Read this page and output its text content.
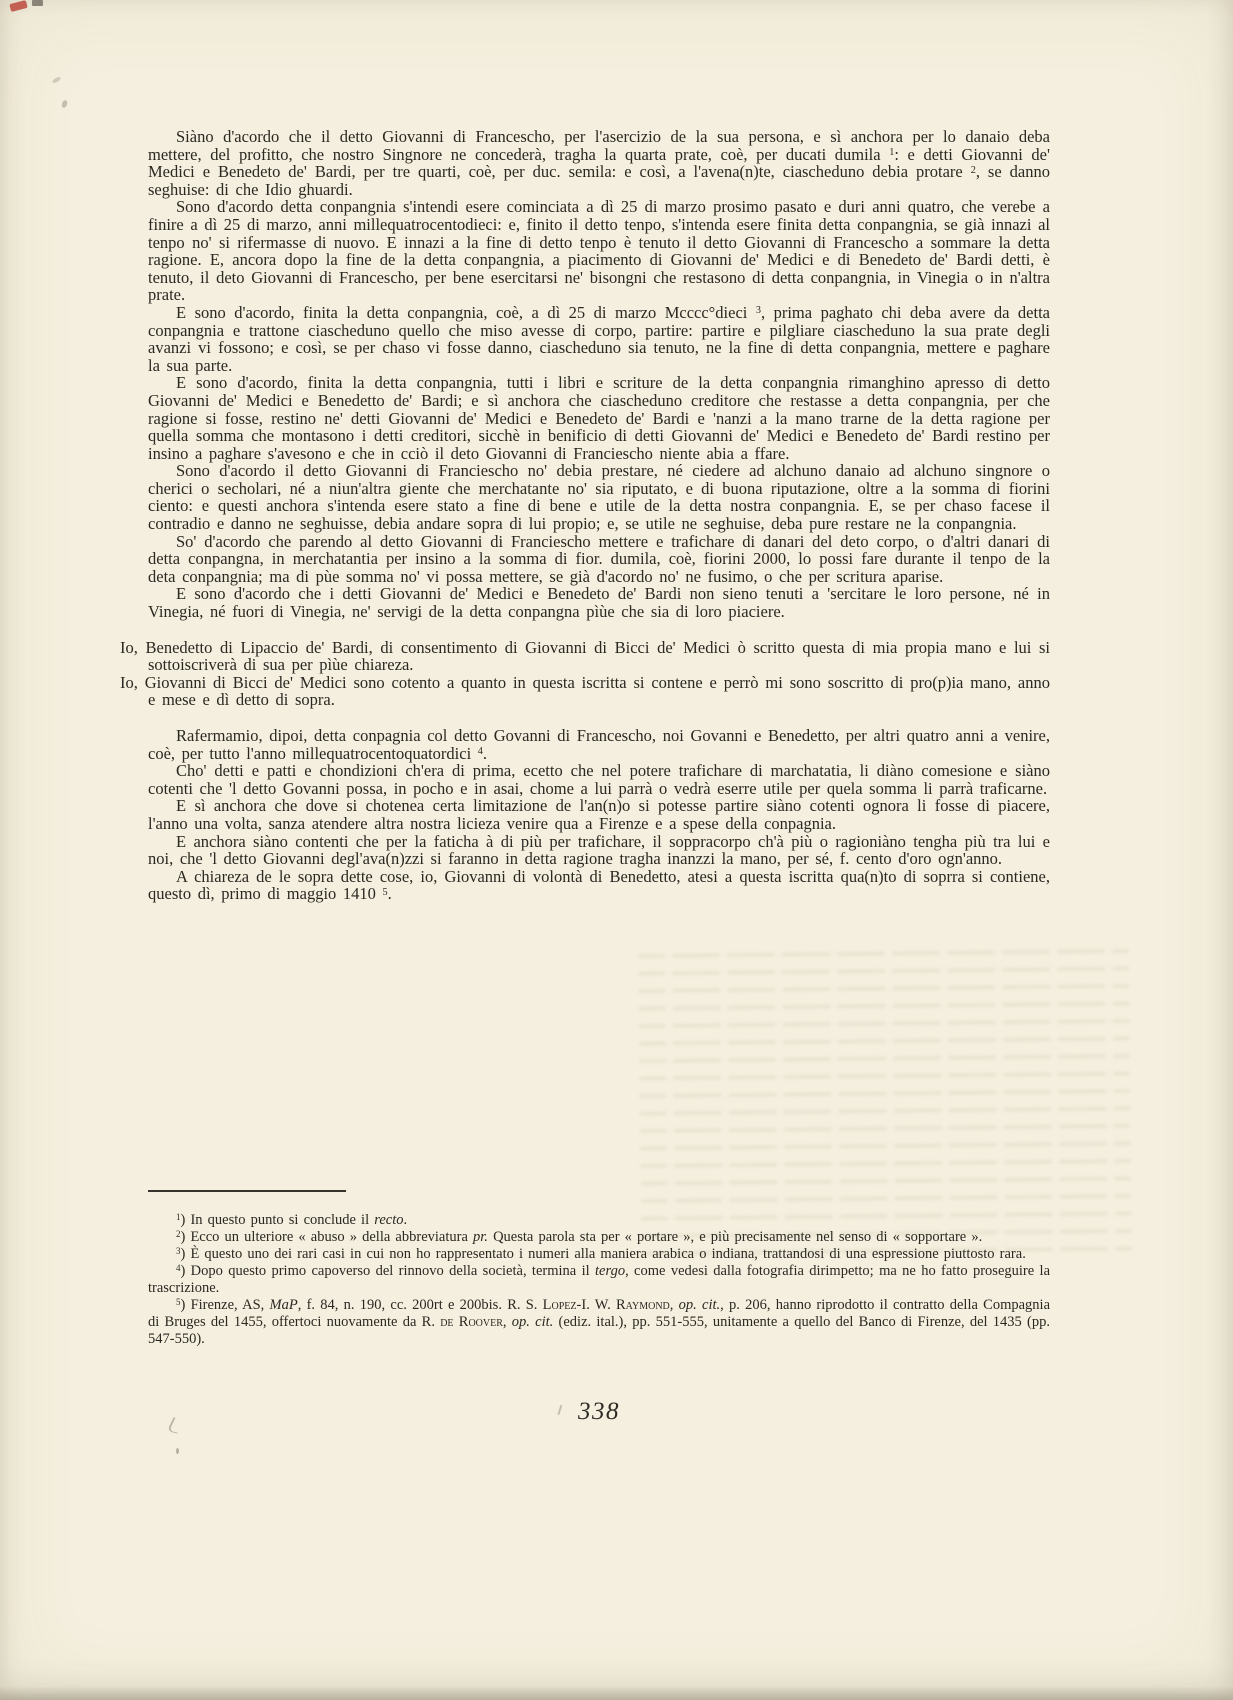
Siàno d'acordo che il detto Giovanni di Francescho, per l'asercizio de la sua persona, e sì anchora per lo danaio deba mettere, del profitto, che nostro Singnore ne concederà, tragha la quarta prate, coè, per ducati dumila $^1$: e detti Giovanni de' Medici e Benedeto de' Bardi, per tre quarti, coè, per duc. semila: e così, a l'avena(n)te, ciascheduno debia protare $^2$, se danno seghuise: di che Idio ghuardi.

Sono d'acordo detta conpangnia s'intendi esere cominciata a dì 25 di marzo prosimo pasato e duri anni quatro, che verebe a finire a dì 25 di marzo, anni millequatrocentodieci: e, finito il detto tenpo, s'intenda esere finita detta conpangnia, se già innazi al tenpo no' si rifermasse di nuovo. E innazi a la fine di detto tenpo è tenuto il detto Giovanni di Francescho a sommare la detta ragione. E, ancora dopo la fine de la detta conpangnia, a piacimento di Giovanni de' Medici e di Benedeto de' Bardi detti, è tenuto, il deto Giovanni di Francescho, per bene esercitarsi ne' bisongni che restasono di detta conpangnia, in Vinegia o in n'altra prate.

E sono d'acordo, finita la detta conpangnia, coè, a dì 25 di marzo Mcccc°dieci $^3$, prima paghato chi deba avere da detta conpangnia e trattone ciascheduno quello che miso avesse di corpo, partire: partire e pilgliare ciascheduno la sua prate degli avanzi vi fossono; e così, se per chaso vi fosse danno, ciascheduno sia tenuto, ne la fine di detta conpangnia, mettere e paghare la sua parte.

E sono d'acordo, finita la detta conpangnia, tutti i libri e scriture de la detta conpangnia rimanghino apresso di detto Giovanni de' Medici e Benedetto de' Bardi; e sì anchora che ciascheduno creditore che restasse a detta conpangnia, per che ragione si fosse, restino ne' detti Giovanni de' Medici e Benedeto de' Bardi e 'nanzi a la mano trarne de la detta ragione per quella somma che montasono i detti creditori, sicchè in benificio di detti Giovanni de' Medici e Benedeto de' Bardi restino per insino a paghare s'avesono e che in cciò il deto Giovanni di Franciescho niente abia a ffare.

Sono d'acordo il detto Giovanni di Franciescho no' debia prestare, né ciedere ad alchuno danaio ad alchuno singnore o cherici o secholari, né a niun'altra giente che merchatante no' sia riputato, e di buona riputazione, oltre a la somma di fiorini ciento: e questi anchora s'intenda esere stato a fine di bene e utile de la detta nostra conpangnia. E, se per chaso facese il contradio e danno ne seghuisse, debia andare sopra di lui propio; e, se utile ne seghuise, deba pure restare ne la conpangnia.

So' d'acordo che parendo al detto Giovanni di Franciescho mettere e trafichare di danari del deto corpo, o d'altri danari di detta conpangna, in merchatantia per insino a la somma di fior. dumila, coè, fiorini 2000, lo possi fare durante il tenpo de la deta conpangnia; ma di pùe somma no' vi possa mettere, se già d'acordo no' ne fusimo, o che per scritura aparise.

E sono d'acordo che i detti Giovanni de' Medici e Benedeto de' Bardi non sieno tenuti a 'sercitare le loro persone, né in Vinegia, né fuori di Vinegia, ne' servigi de la detta conpangna pìùe che sia di loro piaciere.

Io, Benedetto di Lipaccio de' Bardi, di consentimento di Giovanni di Bicci de' Medici ò scritto questa di mia propia mano e lui si sottoiscriverà di sua per pìùe chiareza.

Io, Giovanni di Bicci de' Medici sono cotento a quanto in questa iscritta si contene e perrò mi sono soscritto di pro(p)ia mano, anno e mese e dì detto di sopra.

Rafermamio, dipoi, detta conpagnia col detto Govanni di Francescho, noi Govanni e Benedetto, per altri quatro anni a venire, coè, per tutto l'anno millequatrocentoquatordici $^4$.

Cho' detti e patti e chondizioni ch'era di prima, ecetto che nel potere trafichare di marchatatia, li diàno comesione e siàno cotenti che 'l detto Govanni possa, in pocho e in asai, chome a lui parrà o vedrà eserre utile per quela somma li parrà traficarne.

E sì anchora che dove si chotenea certa limitazione de l'an(n)o si potesse partire siàno cotenti ognora li fosse di piacere, l'anno una volta, sanza atendere altra nostra licieza venire qua a Firenze e a spese della conpagnia.

E anchora siàno contenti che per la faticha à di più per trafichare, il soppracorpo ch'à più o ragioniàno tengha più tra lui e noi, che 'l detto Giovanni degl'ava(n)zzi si faranno in detta ragione tragha inanzzi la mano, per sé, f. cento d'oro ogn'anno.

A chiareza de le sopra dette cose, io, Giovanni di volontà di Benedetto, atesi a questa iscritta qua(n)to di soprra si contiene, questo dì, primo di maggio 1410 $^5$.

$^1$) In questo punto si conclude il recto.

$^2$) Ecco un ulteriore « abuso » della abbreviatura pr. Questa parola sta per « portare », e più precisamente nel senso di « sopportare ».

$^3$) È questo uno dei rari casi in cui non ho rappresentato i numeri alla maniera arabica o indiana, trattandosi di una espressione piuttosto rara.

$^4$) Dopo questo primo capoverso del rinnovo della società, termina il tergo, come vedesi dalla fotografia dirimpetto; ma ne ho fatto proseguire la trascrizione.

$^5$) Firenze, AS, MaP, f. 84, n. 190, cc. 200rt e 200bis. R. S. Lopez-I. W. Raymond, op. cit., p. 206, hanno riprodotto il contratto della Compagnia di Bruges del 1455, offertoci nuovamente da R. de Roover, op. cit. (ediz. ital.), pp. 551-555, unitamente a quello del Banco di Firenze, del 1435 (pp. 547-550).

338
